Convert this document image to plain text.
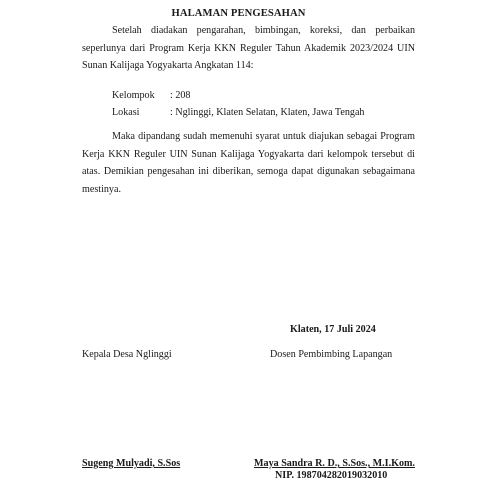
HALAMAN PENGESAHAN

Setelah diadakan pengarahan, bimbingan, koreksi, dan perbaikan seperlunya dari Program Kerja KKN Reguler Tahun Akademik 2023/2024 UIN Sunan Kalijaga Yogyakarta Angkatan 114:

Kelompok : 208
Lokasi	: Nglinggi, Klaten Selatan, Klaten, Jawa Tengah

Maka dipandang sudah memenuhi syarat untuk diajukan sebagai Program Kerja KKN Reguler UIN Sunan Kalijaga Yogyakarta dari kelompok tersebut di atas. Demikian pengesahan ini diberikan, semoga dapat digunakan sebagaimana mestinya.

Klaten, 17 Juli 2024
Kepala Desa Nglinggi	Dosen Pembimbing Lapangan
Sugeng Mulyadi, S.Sos	Maya Sandra R. D., S.Sos., M.I.Kom.
NIP. 198704282019032010
